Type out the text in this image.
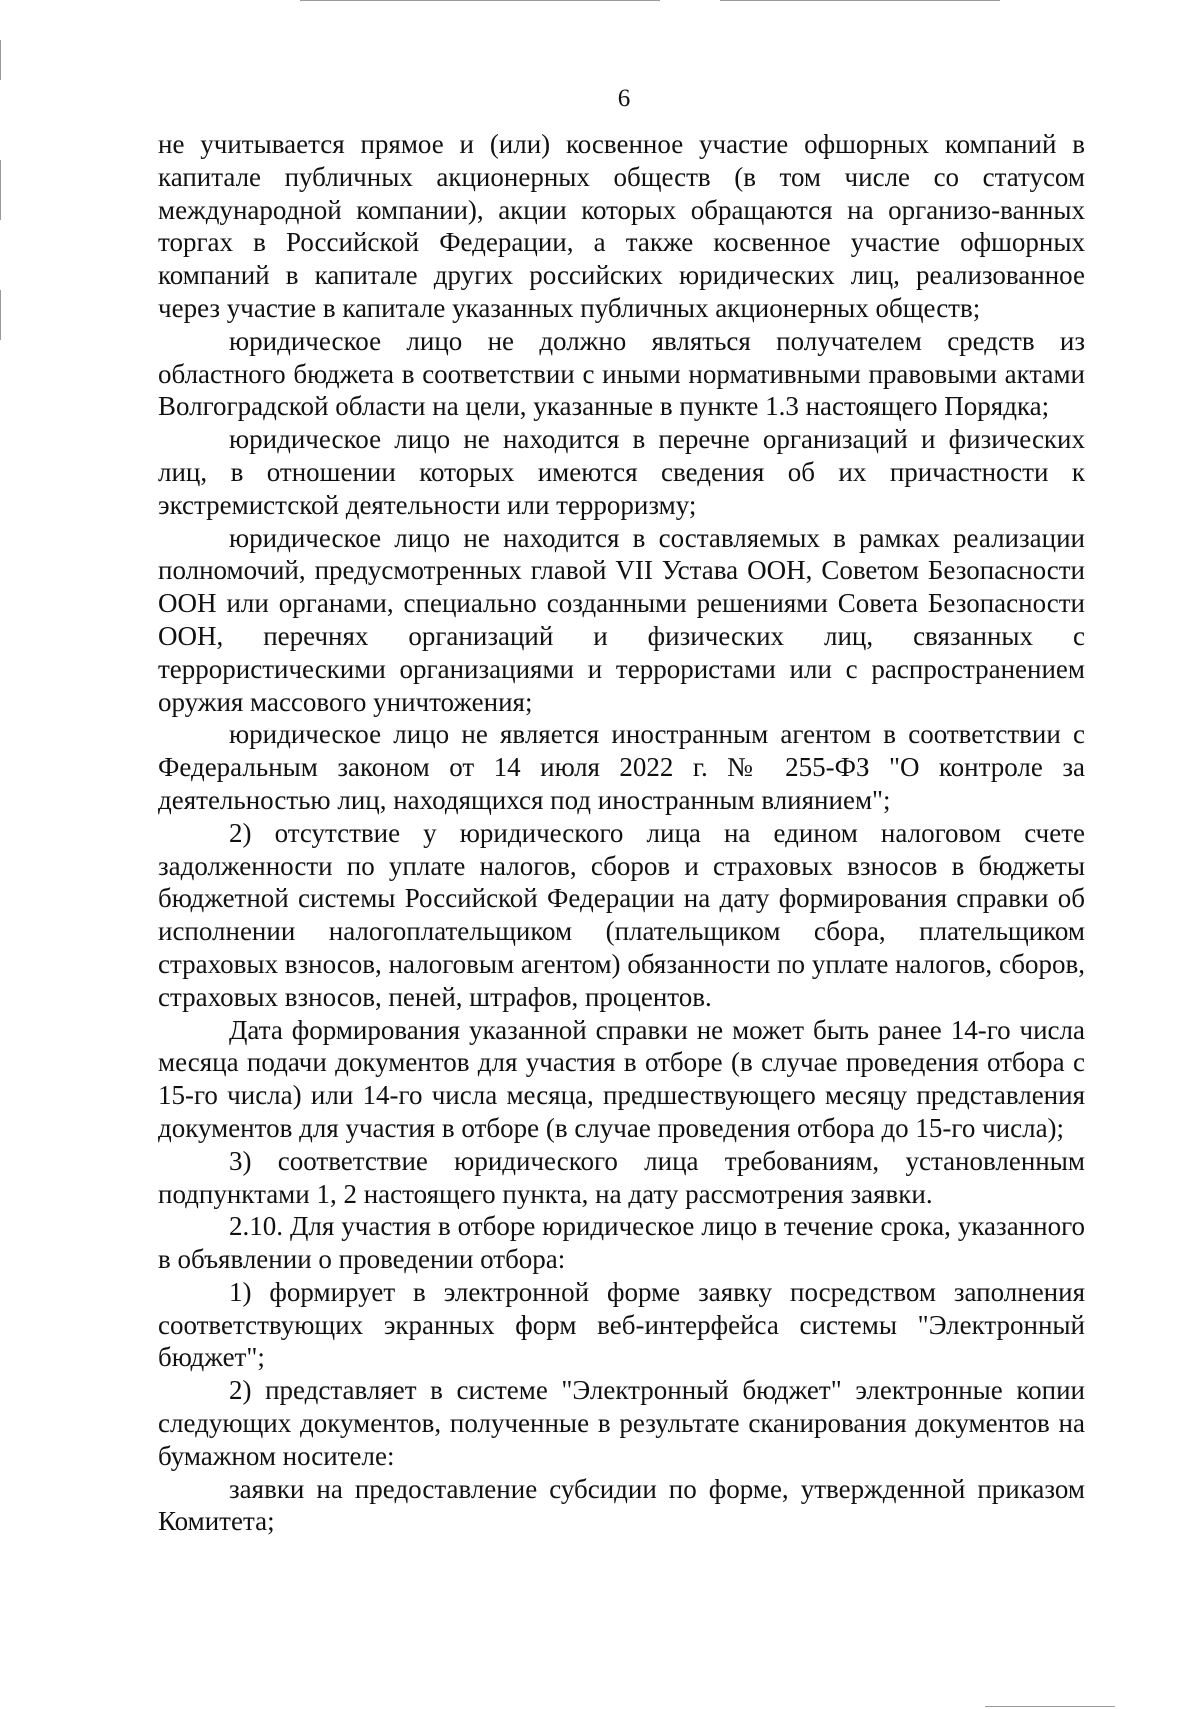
6

не учитывается прямое и (или) косвенное участие офшорных компаний в капитале публичных акционерных обществ (в том числе со статусом международной компании), акции которых обращаются на организо-ванных торгах в Российской Федерации, а также косвенное участие офшорных компаний в капитале других российских юридических лиц, реализованное через участие в капитале указанных публичных акционерных обществ;

юридическое лицо не должно являться получателем средств из областного бюджета в соответствии с иными нормативными правовыми актами Волгоградской области на цели, указанные в пункте 1.3 настоящего Порядка;

юридическое лицо не находится в перечне организаций и физических лиц, в отношении которых имеются сведения об их причастности к экстремистской деятельности или терроризму;

юридическое лицо не находится в составляемых в рамках реализации полномочий, предусмотренных главой VII Устава ООН, Советом Безопасности ООН или органами, специально созданными решениями Совета Безопасности ООН, перечнях организаций и физических лиц, связанных с террористическими организациями и террористами или с распространением оружия массового уничтожения;

юридическое лицо не является иностранным агентом в соответствии с Федеральным законом от 14 июля 2022 г. № 255-ФЗ "О контроле за деятельностью лиц, находящихся под иностранным влиянием";

2) отсутствие у юридического лица на едином налоговом счете задолженности по уплате налогов, сборов и страховых взносов в бюджеты бюджетной системы Российской Федерации на дату формирования справки об исполнении налогоплательщиком (плательщиком сбора, плательщиком страховых взносов, налоговым агентом) обязанности по уплате налогов, сборов, страховых взносов, пеней, штрафов, процентов.

Дата формирования указанной справки не может быть ранее 14-го числа месяца подачи документов для участия в отборе (в случае проведения отбора с 15-го числа) или 14-го числа месяца, предшествующего месяцу представления документов для участия в отборе (в случае проведения отбора до 15-го числа);

3) соответствие юридического лица требованиям, установленным подпунктами 1, 2 настоящего пункта, на дату рассмотрения заявки.

2.10. Для участия в отборе юридическое лицо в течение срока, указанного в объявлении о проведении отбора:

1) формирует в электронной форме заявку посредством заполнения соответствующих экранных форм веб-интерфейса системы "Электронный бюджет";

2) представляет в системе "Электронный бюджет" электронные копии следующих документов, полученные в результате сканирования документов на бумажном носителе:

заявки на предоставление субсидии по форме, утвержденной приказом Комитета;
